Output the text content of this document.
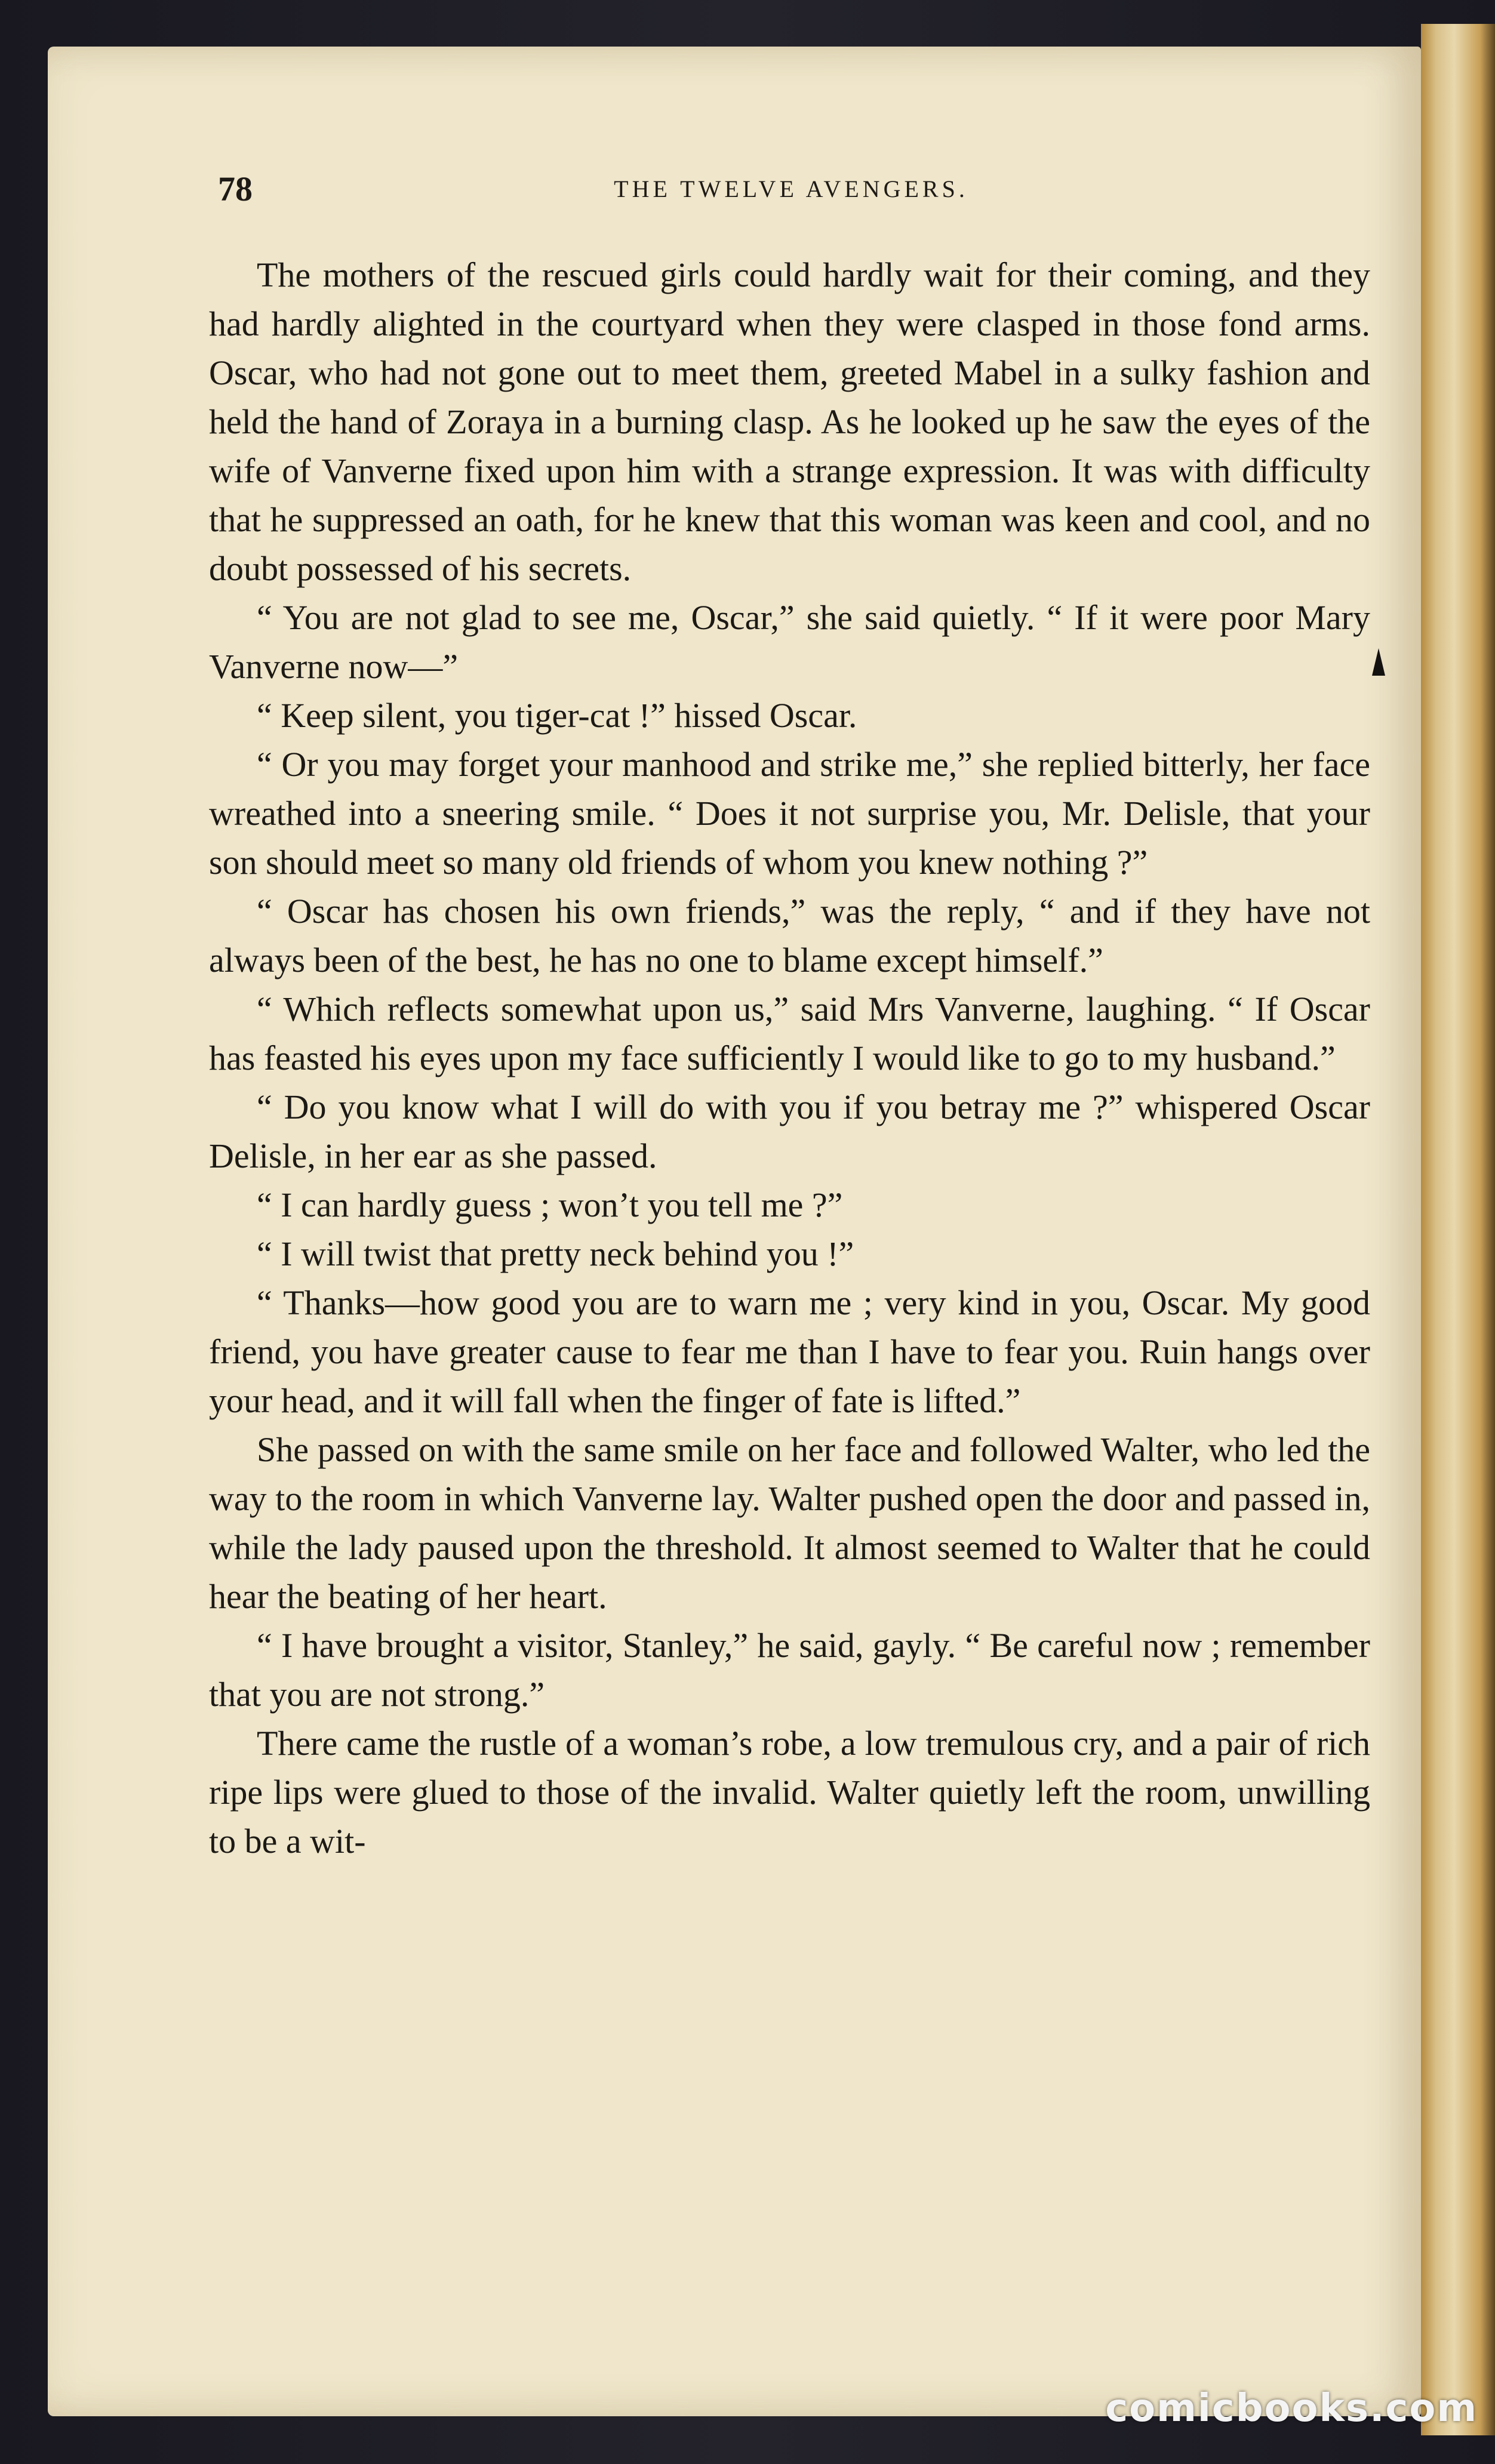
78	THE TWELVE AVENGERS.

The mothers of the rescued girls could hardly wait for their coming, and they had hardly alighted in the courtyard when they were clasped in those fond arms. Oscar, who had not gone out to meet them, greeted Mabel in a sulky fashion and held the hand of Zoraya in a burning clasp. As he looked up he saw the eyes of the wife of Vanverne fixed upon him with a strange expression. It was with difficulty that he suppressed an oath, for he knew that this woman was keen and cool, and no doubt possessed of his secrets.

“ You are not glad to see me, Oscar,” she said quietly. “ If it were poor Mary Vanverne now—”

“ Keep silent, you tiger-cat !” hissed Oscar.

“ Or you may forget your manhood and strike me,” she replied bitterly, her face wreathed into a sneering smile. “ Does it not surprise you, Mr. Delisle, that your son should meet so many old friends of whom you knew nothing ?”

“ Oscar has chosen his own friends,” was the reply, “ and if they have not always been of the best, he has no one to blame except himself.”

“ Which reflects somewhat upon us,” said Mrs Vanverne, laughing. “ If Oscar has feasted his eyes upon my face sufficiently I would like to go to my husband.”

“ Do you know what I will do with you if you betray me ?” whispered Oscar Delisle, in her ear as she passed.

“ I can hardly guess ; won’t you tell me ?”

“ I will twist that pretty neck behind you !”

“ Thanks—how good you are to warn me ; very kind in you, Oscar. My good friend, you have greater cause to fear me than I have to fear you. Ruin hangs over your head, and it will fall when the finger of fate is lifted.”

She passed on with the same smile on her face and followed Walter, who led the way to the room in which Vanverne lay. Walter pushed open the door and passed in, while the lady paused upon the threshold. It almost seemed to Walter that he could hear the beating of her heart.

“ I have brought a visitor, Stanley,” he said, gayly. “ Be careful now ; remember that you are not strong.”

There came the rustle of a woman’s robe, a low tremulous cry, and a pair of rich ripe lips were glued to those of the invalid. Walter quietly left the room, unwilling to be a wit-

comicbooks.com
